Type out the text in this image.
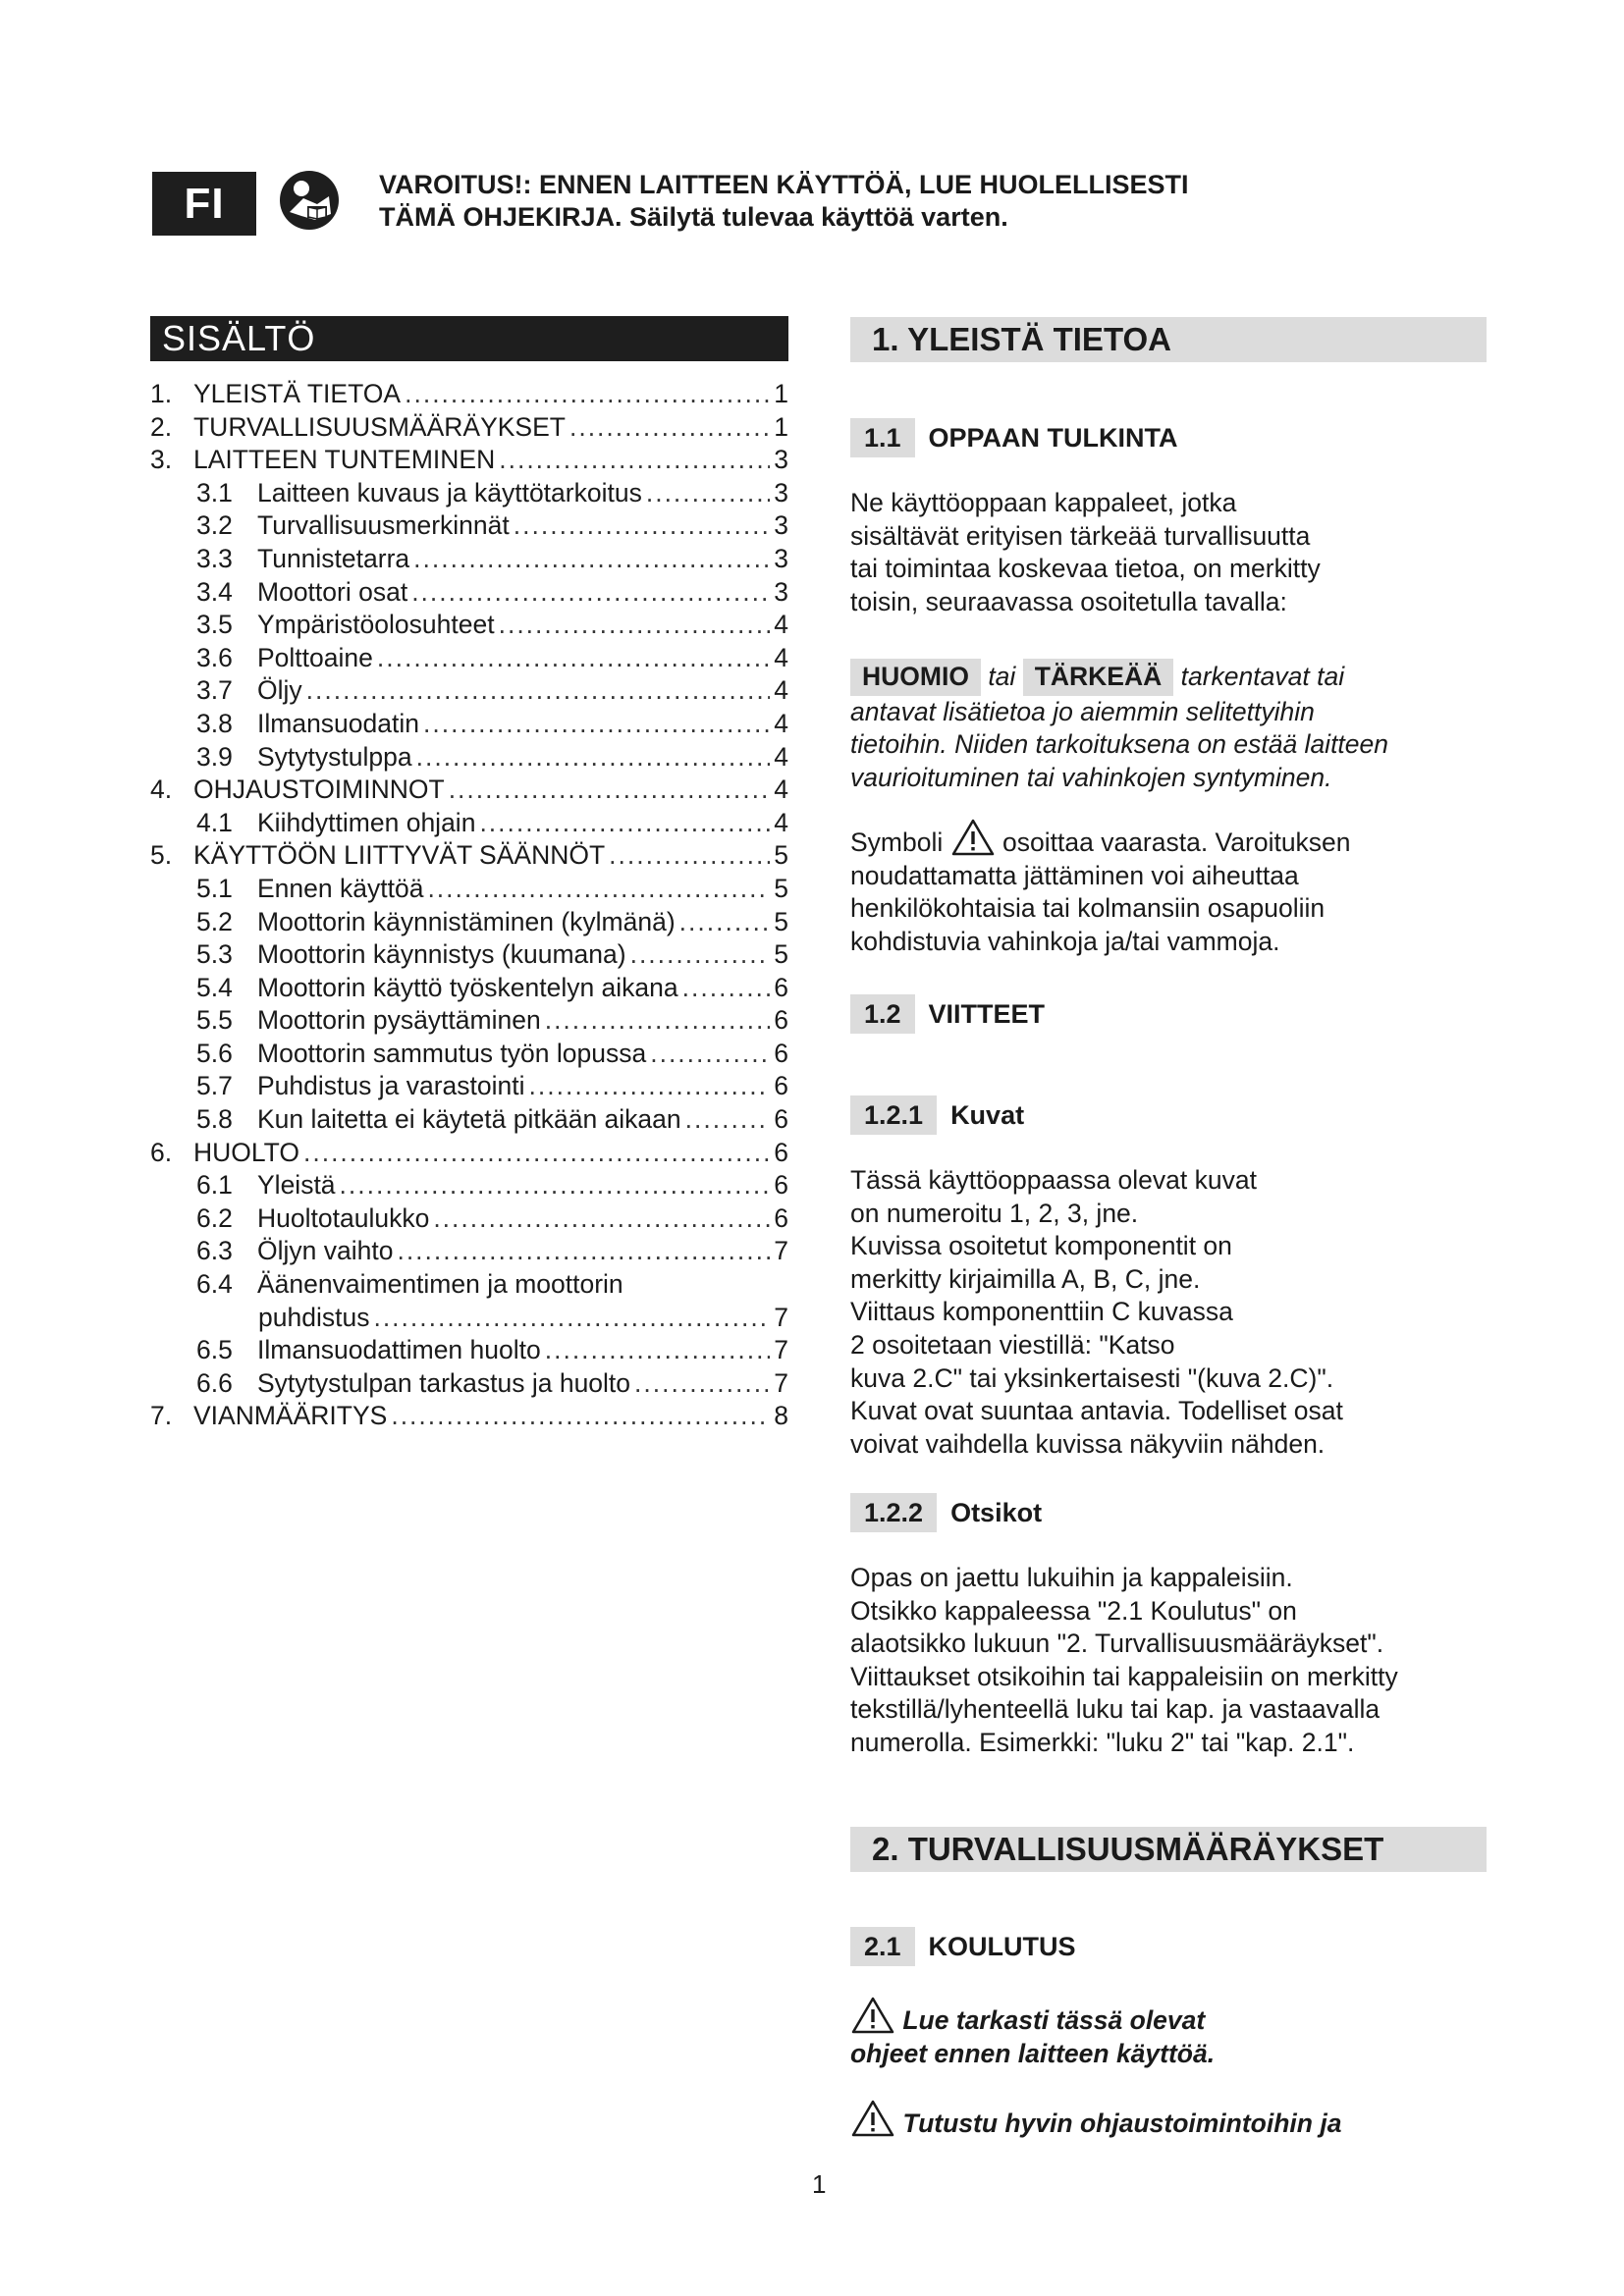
FI	VAROITUS!: ENNEN LAITTEEN KÄYTTÖÄ, LUE HUOLELLISESTI
TÄMÄ OHJEKIRJA. Säilytä tulevaa käyttöä varten.
SISÄLTÖ
1. YLEISTÄ TIETOA .....	1
2. TURVALLISUUSMÄÄRÄYKSET .....	1
3. LAITTEEN TUNTEMINEN .....	3
3.1 Laitteen kuvaus ja käyttötarkoitus .....	3
3.2 Turvallisuusmerkinnät .....	3
3.3 Tunnistetarra .....	3
3.4 Moottori osat .....	3
3.5 Ympäristöolosuhteet .....	4
3.6 Polttoaine .....	4
3.7 Öljy .....	4
3.8 Ilmansuodatin .....	4
3.9 Sytytystulppa .....	4
4. OHJAUSTOIMINNOT .....	4
4.1 Kiihdyttimen ohjain .....	4
5. KÄYTTÖÖN LIITTYVÄT SÄÄNNÖT .....	5
5.1 Ennen käyttöä .....	5
5.2 Moottorin käynnistäminen (kylmänä) .....	5
5.3 Moottorin käynnistys (kuumana) .....	5
5.4 Moottorin käyttö työskentelyn aikana .....	6
5.5 Moottorin pysäyttäminen .....	6
5.6 Moottorin sammutus työn lopussa .....	6
5.7 Puhdistus ja varastointi .....	6
5.8 Kun laitetta ei käytetä pitkään aikaan .....	6
6. HUOLTO .....	6
6.1 Yleistä .....	6
6.2 Huoltotaulukko .....	6
6.3 Öljyn vaihto .....	7
6.4 Äänenvaimentimen ja moottorin
puhdistus .....	7
6.5 Ilmansuodattimen huolto .....	7
6.6 Sytytystulpan tarkastus ja huolto .....	7
7. VIANMÄÄRITYS .....	8
1. YLEISTÄ TIETOA
1.1	OPPAAN TULKINTA
Ne käyttöoppaan kappaleet, jotka
sisältävät erityisen tärkeää turvallisuutta
tai toimintaa koskevaa tietoa, on merkitty
toisin, seuraavassa osoitetulla tavalla:
HUOMIO tai TÄRKEÄÄ tarkentavat tai
antavat lisätietoa jo aiemmin selitettyihin
tietoihin. Niiden tarkoituksena on estää laitteen
vaurioituminen tai vahinkojen syntyminen.
Symboli osoittaa vaarasta. Varoituksen
noudattamatta jättäminen voi aiheuttaa
henkilökohtaisia tai kolmansiin osapuoliin
kohdistuvia vahinkoja ja/tai vammoja.
1.2	VIITTEET
1.2.1	Kuvat
Tässä käyttöoppaassa olevat kuvat
on numeroitu 1, 2, 3, jne.
Kuvissa osoitetut komponentit on
merkitty kirjaimilla A, B, C, jne.
Viittaus komponenttiin C kuvassa
2 osoitetaan viestillä: "Katso
kuva 2.C" tai yksinkertaisesti "(kuva 2.C)".
Kuvat ovat suuntaa antavia. Todelliset osat
voivat vaihdella kuvissa näkyviin nähden.
1.2.2	Otsikot
Opas on jaettu lukuihin ja kappaleisiin.
Otsikko kappaleessa "2.1 Koulutus" on
alaotsikko lukuun "2. Turvallisuusmääräykset".
Viittaukset otsikoihin tai kappaleisiin on merkitty
tekstillä/lyhenteellä luku tai kap. ja vastaavalla
numerolla. Esimerkki: "luku 2" tai "kap. 2.1".
2. TURVALLISUUSMÄÄRÄYKSET
2.1	KOULUTUS
Lue tarkasti tässä olevat
ohjeet ennen laitteen käyttöä.
Tutustu hyvin ohjaustoimintoihin ja
1
